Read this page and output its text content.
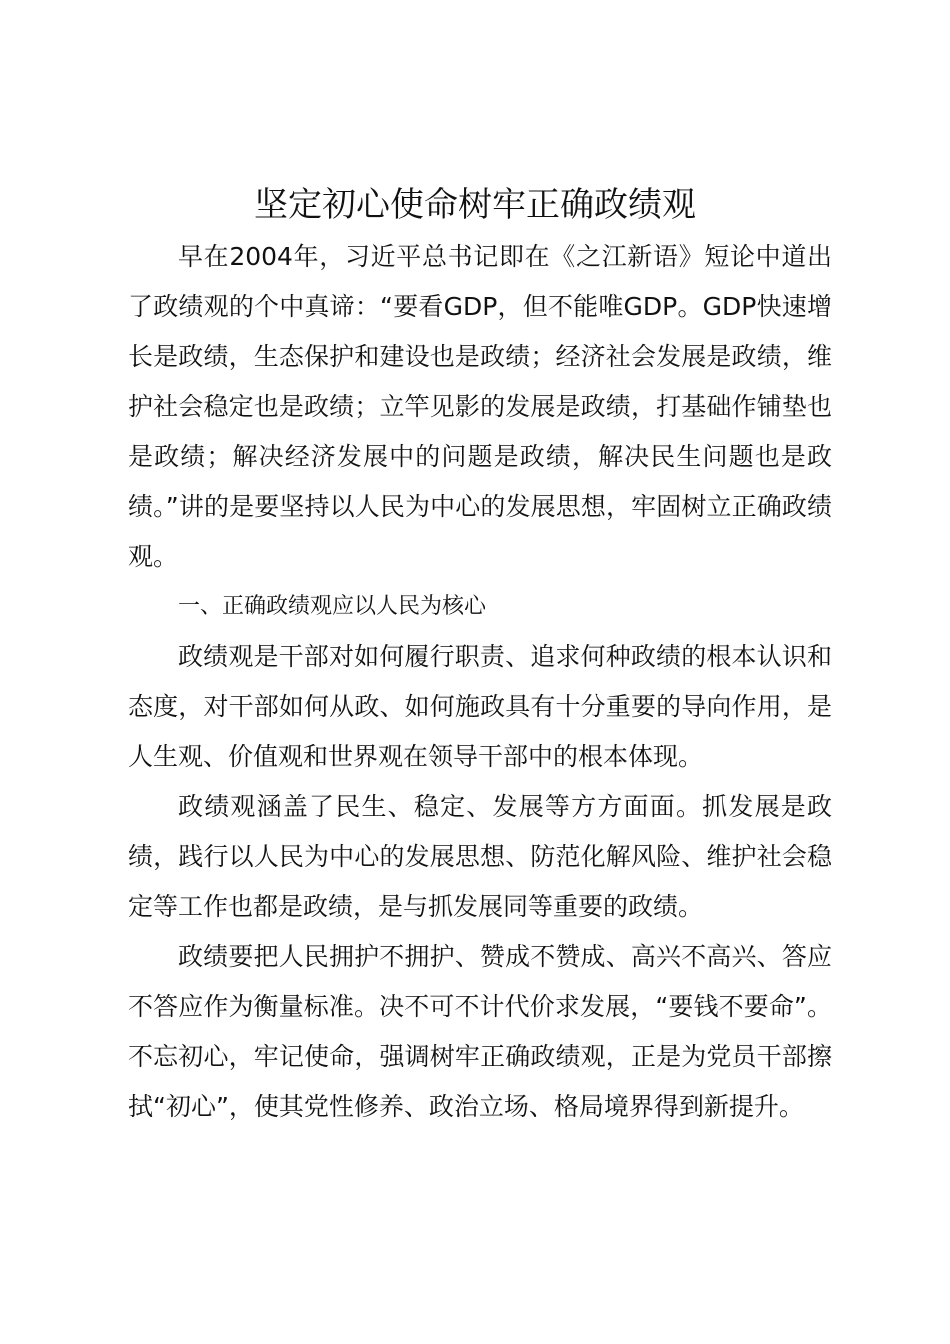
坚定初心使命树牢正确政绩观

早在2004年，习近平总书记即在《之江新语》短论中道出了政绩观的个中真谛：“要看GDP，但不能唯GDP。GDP快速增长是政绩，生态保护和建设也是政绩；经济社会发展是政绩，维护社会稳定也是政绩；立竿见影的发展是政绩，打基础作铺垫也是政绩；解决经济发展中的问题是政绩，解决民生问题也是政绩。”讲的是要坚持以人民为中心的发展思想，牢固树立正确政绩观。

一、正确政绩观应以人民为核心

政绩观是干部对如何履行职责、追求何种政绩的根本认识和态度，对干部如何从政、如何施政具有十分重要的导向作用，是人生观、价值观和世界观在领导干部中的根本体现。

政绩观涵盖了民生、稳定、发展等方方面面。抓发展是政绩，践行以人民为中心的发展思想、防范化解风险、维护社会稳定等工作也都是政绩，是与抓发展同等重要的政绩。

政绩要把人民拥护不拥护、赞成不赞成、高兴不高兴、答应不答应作为衡量标准。决不可不计代价求发展，“要钱不要命”。不忘初心，牢记使命，强调树牢正确政绩观，正是为党员干部擦拭“初心”，使其党性修养、政治立场、格局境界得到新提升。
